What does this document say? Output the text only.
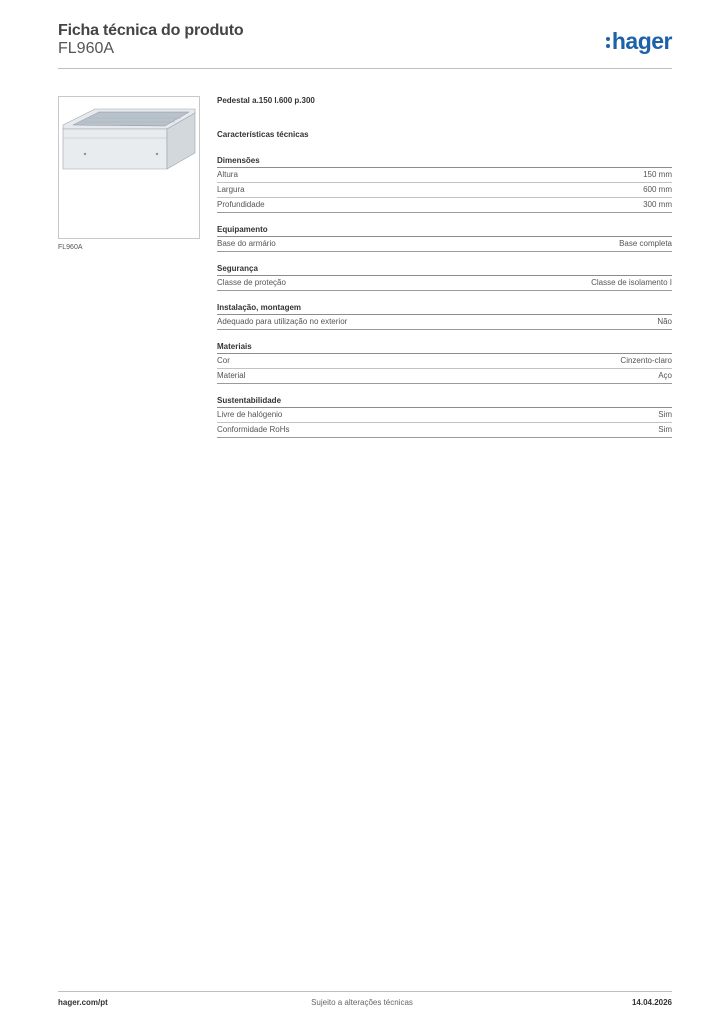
Ficha técnica do produto
FL960A	hager
FL960A
Pedestal a.150 l.600 p.300
Características técnicas
Dimensões
Altura	150 mm
Largura	600 mm
Profundidade	300 mm
Equipamento
Base do armário	Base completa
Segurança
Classe de proteção	Classe de isolamento I
Instalação, montagem
Adequado para utilização no exterior	Não
Materiais
Cor	Cinzento-claro
Material	Aço
Sustentabilidade
Livre de halógenio	Sim
Conformidade RoHs	Sim
hager.com/pt	Sujeito a alterações técnicas	14.04.2026
